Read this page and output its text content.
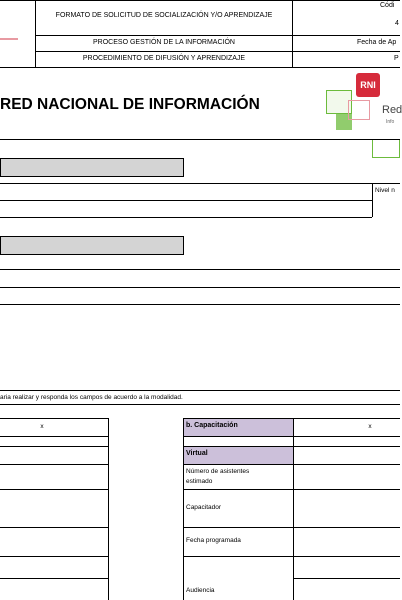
FORMATO DE SOLICITUD DE SOCIALIZACIÓN Y/O APRENDIZAJE
PROCESO GESTIÓN DE LA INFORMACIÓN
PROCEDIMIENTO DE DIFUSIÓN Y APRENDIZAJE
Códi
4
Fecha de Ap
P
RED NACIONAL DE INFORMACIÓN
RNI
Red
Info
Nivel n
aria realizar y responda los campos de acuerdo a la modalidad.
x	b. Capacitación	x
Virtual
Número de asistentes estimado
Capacitador
Fecha programada
Audiencia
